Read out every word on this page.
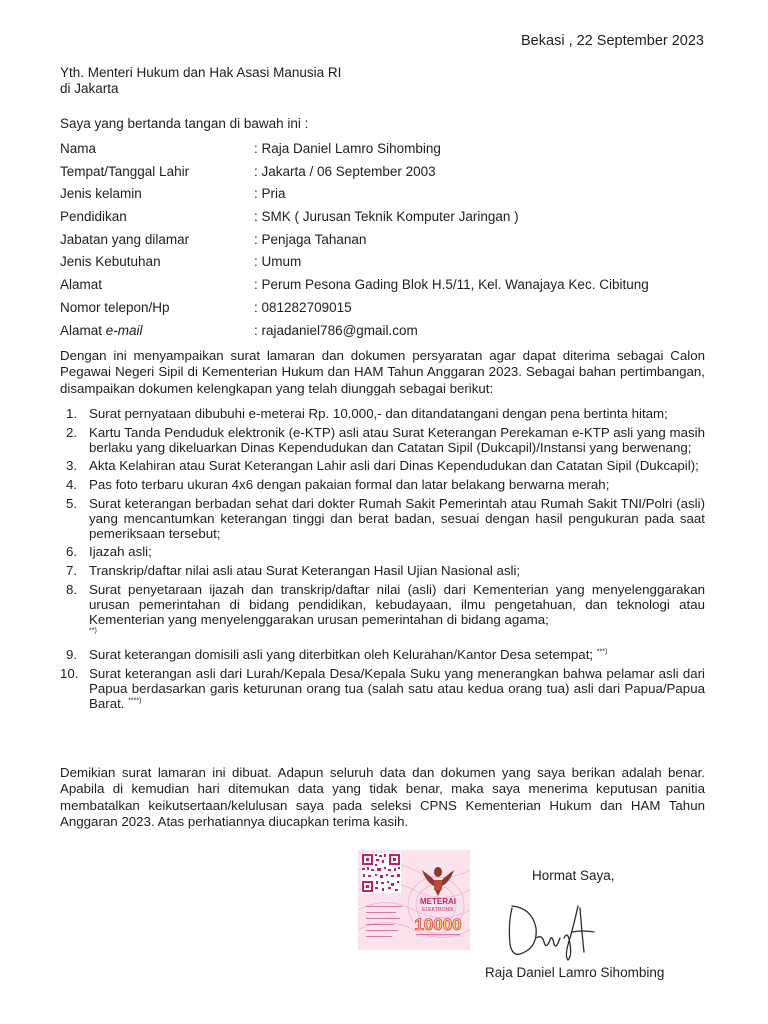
Bekasi , 22 September 2023
Yth. Menteri Hukum dan Hak Asasi Manusia RI
di Jakarta
Saya yang bertanda tangan di bawah ini :
Nama	: Raja Daniel Lamro Sihombing
Tempat/Tanggal Lahir	: Jakarta / 06 September 2003
Jenis kelamin	: Pria
Pendidikan	: SMK ( Jurusan Teknik Komputer Jaringan )
Jabatan yang dilamar	: Penjaga Tahanan
Jenis Kebutuhan	: Umum
Alamat	: Perum Pesona Gading Blok H.5/11, Kel. Wanajaya Kec. Cibitung
Nomor telepon/Hp	: 081282709015
Alamat e-mail	: rajadaniel786@gmail.com
Dengan ini menyampaikan surat lamaran dan dokumen persyaratan agar dapat diterima sebagai Calon Pegawai Negeri Sipil di Kementerian Hukum dan HAM Tahun Anggaran 2023. Sebagai bahan pertimbangan, disampaikan dokumen kelengkapan yang telah diunggah sebagai berikut:
1. Surat pernyataan dibubuhi e-meterai Rp. 10.000,- dan ditandatangani dengan pena bertinta hitam;
2. Kartu Tanda Penduduk elektronik (e-KTP) asli atau Surat Keterangan Perekaman e-KTP asli yang masih berlaku yang dikeluarkan Dinas Kependudukan dan Catatan Sipil (Dukcapil)/Instansi yang berwenang;
3. Akta Kelahiran atau Surat Keterangan Lahir asli dari Dinas Kependudukan dan Catatan Sipil (Dukcapil);
4. Pas foto terbaru ukuran 4x6 dengan pakaian formal dan latar belakang berwarna merah;
5. Surat keterangan berbadan sehat dari dokter Rumah Sakit Pemerintah atau Rumah Sakit TNI/Polri (asli) yang mencantumkan keterangan tinggi dan berat badan, sesuai dengan hasil pengukuran pada saat pemeriksaan tersebut;
6. Ijazah asli;
7. Transkrip/daftar nilai asli atau Surat Keterangan Hasil Ujian Nasional asli;
8. Surat penyetaraan ijazah dan transkrip/daftar nilai (asli) dari Kementerian yang menyelenggarakan urusan pemerintahan di bidang pendidikan, kebudayaan, ilmu pengetahuan, dan teknologi atau Kementerian yang menyelenggarakan urusan pemerintahan di bidang agama;
**)
9. Surat keterangan domisili asli yang diterbitkan oleh Kelurahan/Kantor Desa setempat; ***)
10. Surat keterangan asli dari Lurah/Kepala Desa/Kepala Suku yang menerangkan bahwa pelamar asli dari Papua berdasarkan garis keturunan orang tua (salah satu atau kedua orang tua) asli dari Papua/Papua Barat. ****)
Demikian surat lamaran ini dibuat. Adapun seluruh data dan dokumen yang saya berikan adalah benar. Apabila di kemudian hari ditemukan data yang tidak benar, maka saya menerima keputusan panitia membatalkan keikutsertaan/kelulusan saya pada seleksi CPNS Kementerian Hukum dan HAM Tahun Anggaran 2023. Atas perhatiannya diucapkan terima kasih.
METERAI
ELEKTRONIK
10000
Hormat Saya,
Raja Daniel Lamro Sihombing
